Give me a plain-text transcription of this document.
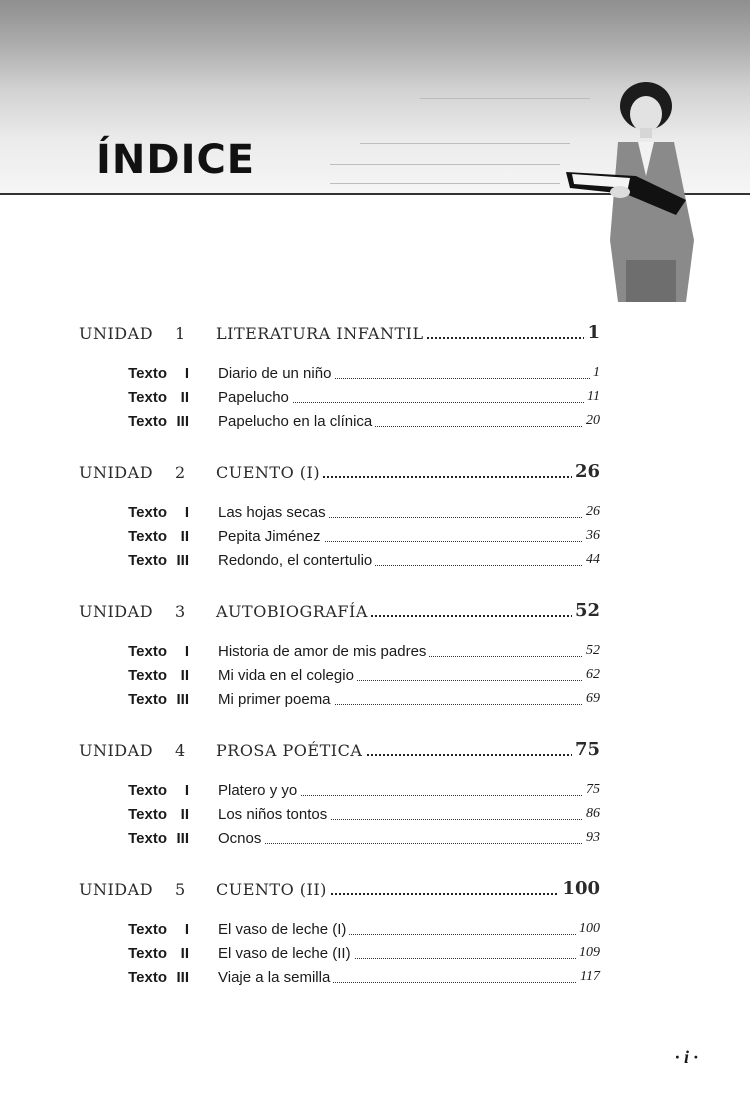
ÍNDICE
UNIDAD 1 LITERATURA INFANTIL	1
Texto	I Diario de un niño	1
Texto II Papelucho	11
Texto III Papelucho en la clínica	20
UNIDAD 2 CUENTO (I)	26
Texto	I Las hojas secas	26
Texto II Pepita Jiménez	36
Texto III Redondo, el contertulio	44
UNIDAD 3 AUTOBIOGRAFÍA	52
Texto	I Historia de amor de mis padres	52
Texto II Mi vida en el colegio	62
Texto III Mi primer poema	69
UNIDAD 4 PROSA POÉTICA	75
Texto	I Platero y yo	75
Texto II Los niños tontos	86
Texto III Ocnos	93
UNIDAD 5 CUENTO (II)	100
Texto	I El vaso de leche (I)	100
Texto II El vaso de leche (II)	109
Texto III Viaje a la semilla	117
· i ·
